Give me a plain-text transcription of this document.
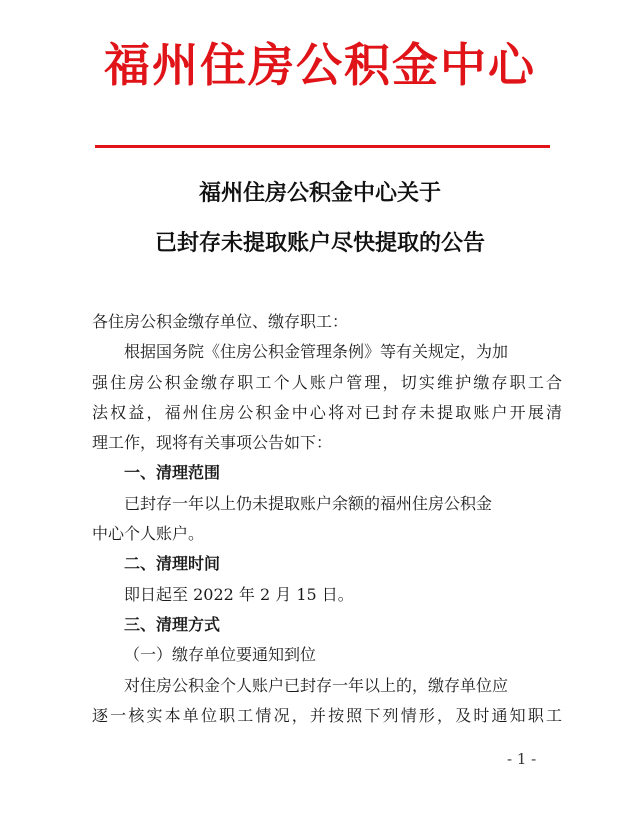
福州住房公积金中心
福州住房公积金中心关于
已封存未提取账户尽快提取的公告
各住房公积金缴存单位、缴存职工：
根据国务院《住房公积金管理条例》等有关规定，为加
强住房公积金缴存职工个人账户管理，切实维护缴存职工合
法权益，福州住房公积金中心将对已封存未提取账户开展清
理工作，现将有关事项公告如下：
一、清理范围
已封存一年以上仍未提取账户余额的福州住房公积金
中心个人账户。
二、清理时间
即日起至 2022 年 2 月 15 日。
三、清理方式
（一）缴存单位要通知到位
对住房公积金个人账户已封存一年以上的，缴存单位应
逐一核实本单位职工情况，并按照下列情形，及时通知职工
- 1 -
